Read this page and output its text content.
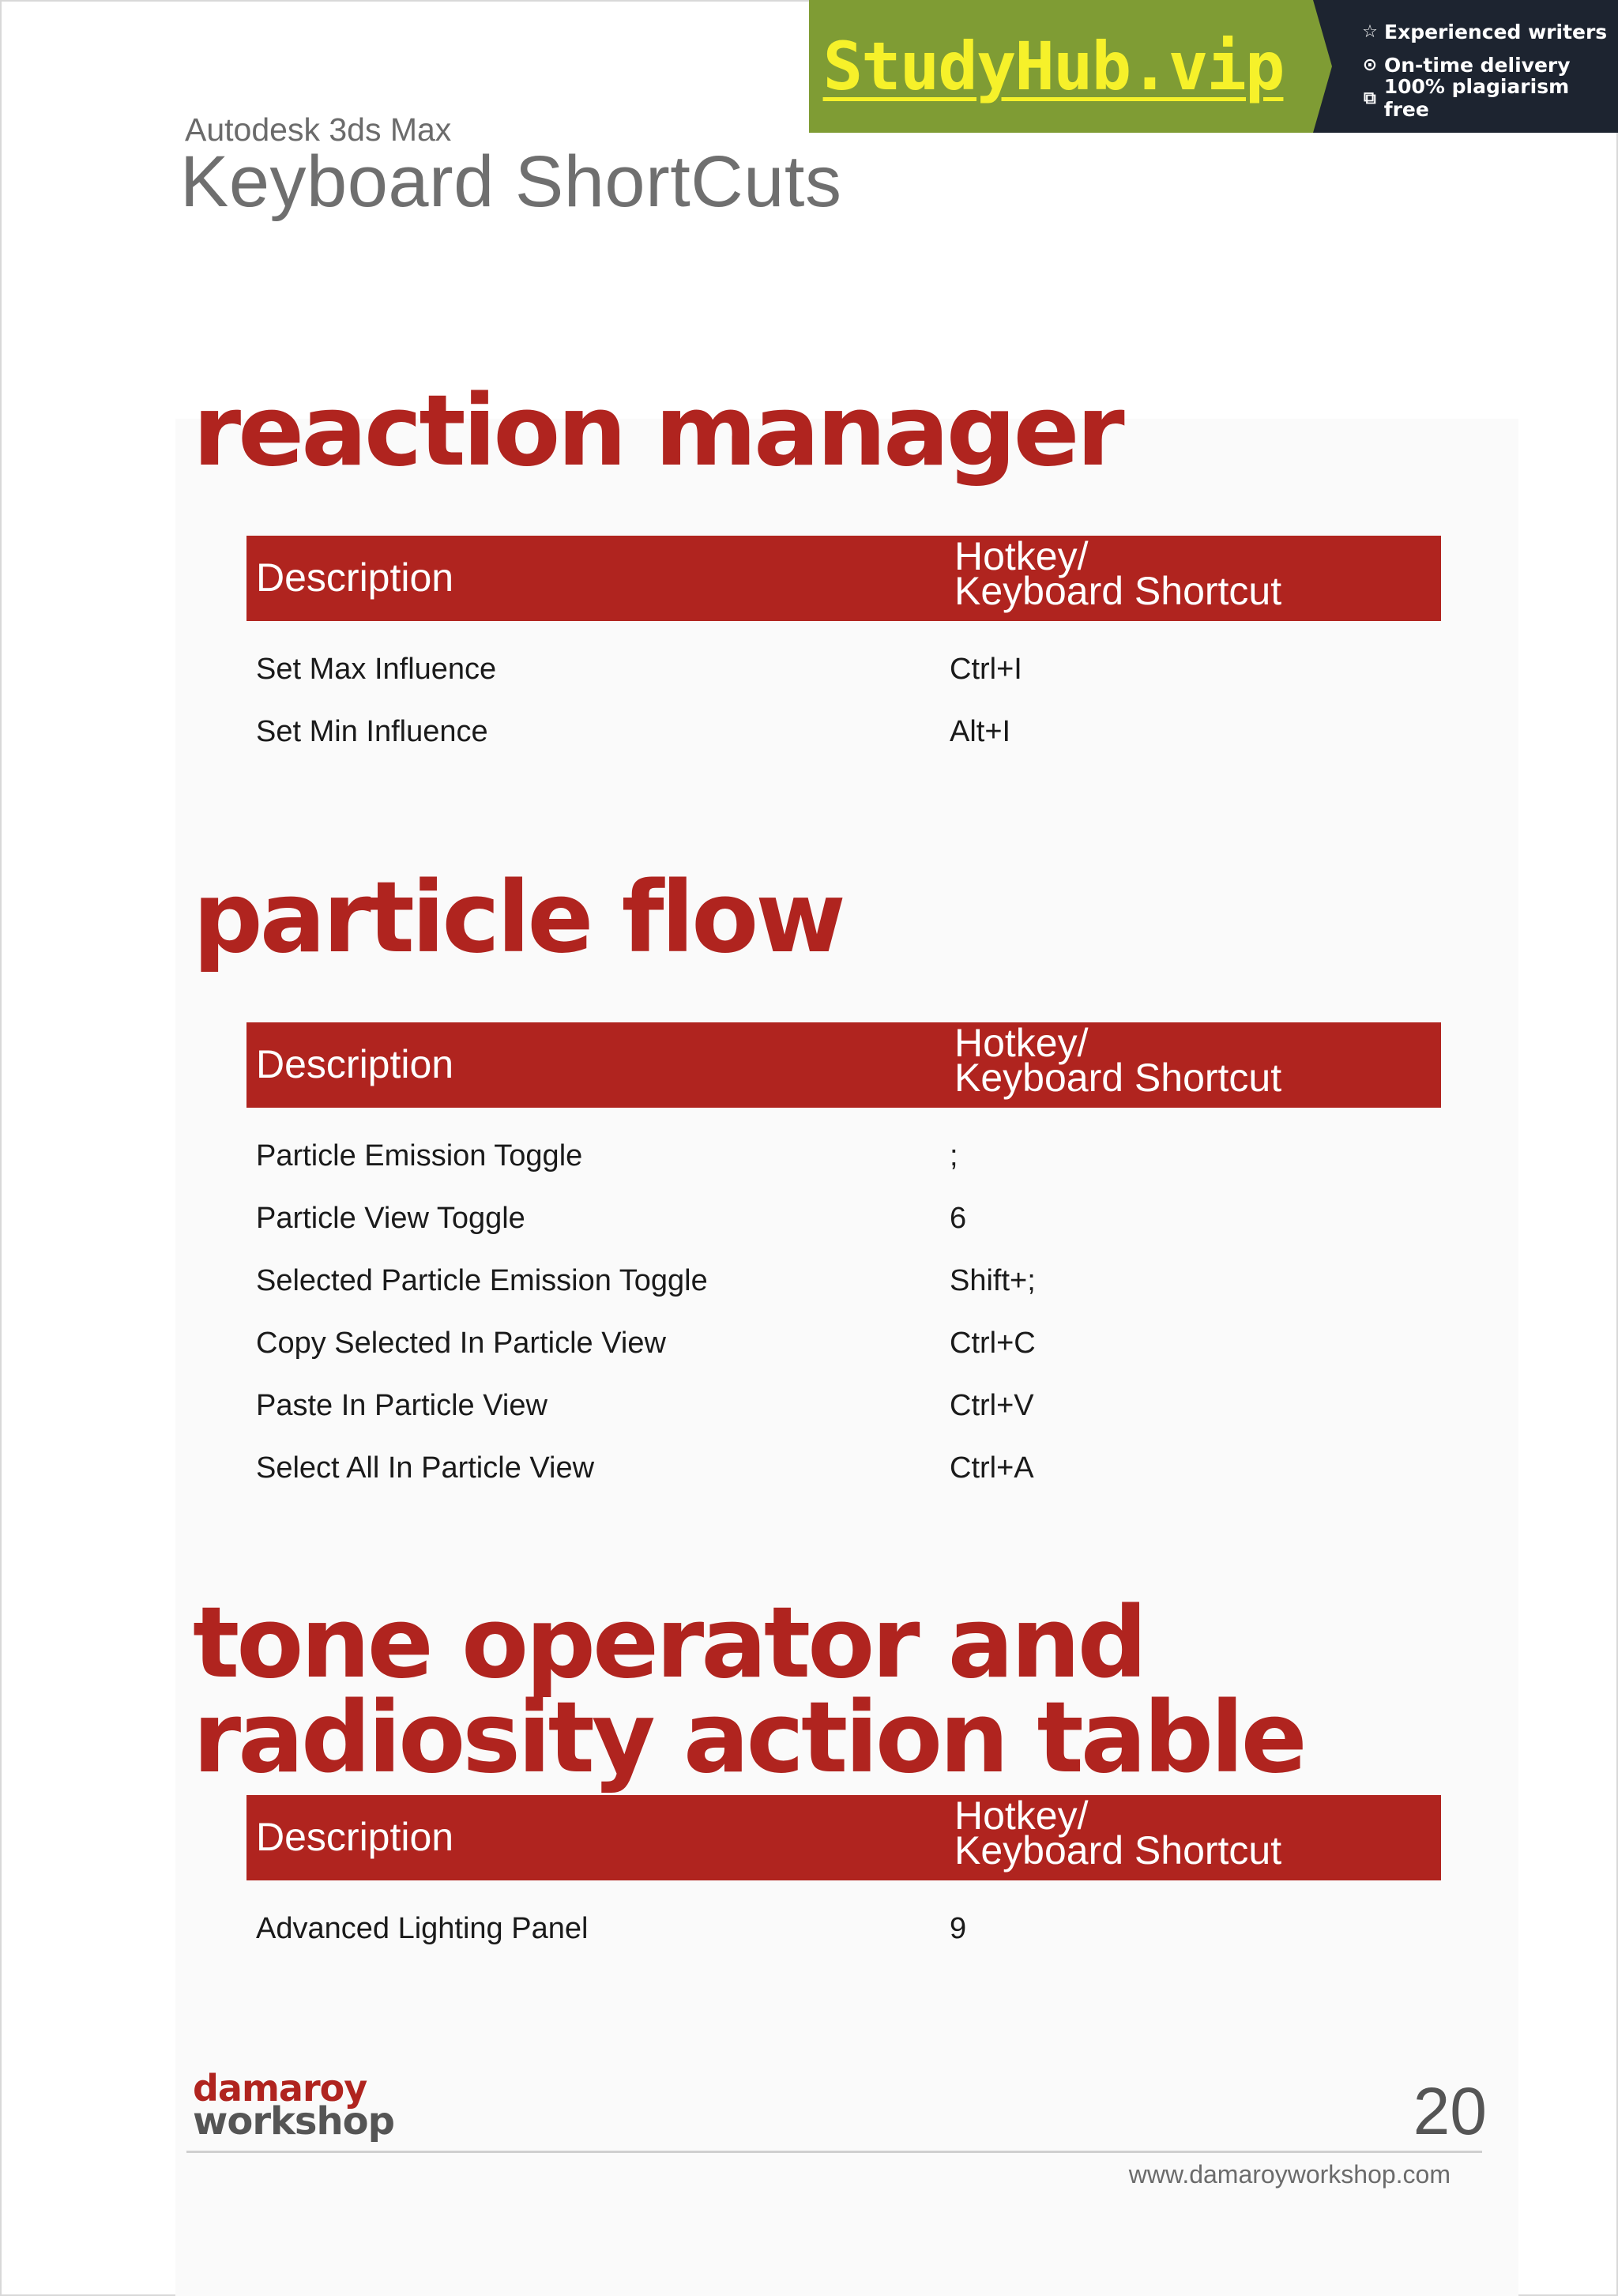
StudyHub.vip	☆ Experienced writers
⊙ On-time delivery
⧉ 100% plagiarism free
Autodesk 3ds Max
Keyboard ShortCuts
reaction manager
Description	Hotkey/
Keyboard Shortcut
Set Max Influence	Ctrl+I
Set Min Influence	Alt+I
particle flow
Description	Hotkey/
Keyboard Shortcut
Particle Emission Toggle	;
Particle View Toggle	6
Selected Particle Emission Toggle	Shift+;
Copy Selected In Particle View	Ctrl+C
Paste In Particle View	Ctrl+V
Select All In Particle View	Ctrl+A
tone operator and
radiosity action table
Description	Hotkey/
Keyboard Shortcut
Advanced Lighting Panel	9
damaroy
workshop	20
www.damaroyworkshop.com
